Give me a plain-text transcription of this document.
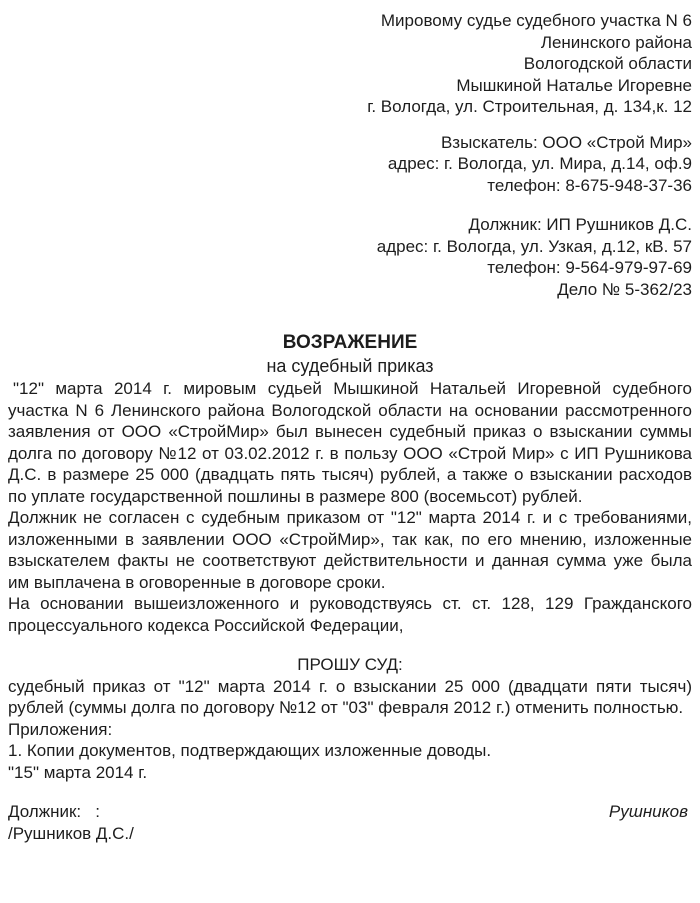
Мировому судье судебного участка N 6
Ленинского района
Вологодской области
Мышкиной Наталье Игоревне
г. Вологда, ул. Строительная, д. 134,к. 12
Взыскатель: ООО «Строй Мир»
адрес: г. Вологда, ул. Мира, д.14, оф.9
телефон: 8-675-948-37-36
Должник: ИП Рушников Д.С.
адрес: г. Вологда, ул. Узкая, д.12, кВ. 57
телефон: 9-564-979-97-69
Дело № 5-362/23
ВОЗРАЖЕНИЕ
на судебный приказ

"12" марта 2014 г. мировым судьей Мышкиной Натальей Игоревной судебного участка N 6 Ленинского района Вологодской области на основании рассмотренного заявления от ООО «СтройМир» был вынесен судебный приказ о взыскании суммы долга по договору №12 от 03.02.2012 г. в пользу ООО «Строй Мир» с ИП Рушникова Д.С. в размере 25 000 (двадцать пять тысяч) рублей, а также о взыскании расходов по уплате государственной пошлины в размере 800 (восемьсот) рублей.

Должник не согласен с судебным приказом от "12" марта 2014 г. и с требованиями, изложенными в заявлении ООО «СтройМир», так как, по его мнению, изложенные взыскателем факты не соответствуют действительности и данная сумма уже была им выплачена в оговоренные в договоре сроки.

На основании вышеизложенного и руководствуясь ст. ст. 128, 129 Гражданского процессуального кодекса Российской Федерации,

ПРОШУ СУД:

судебный приказ от "12" марта 2014 г. о взыскании 25 000 (двадцати пяти тысяч) рублей (суммы долга по договору №12 от "03" февраля 2012 г.) отменить полностью.

Приложения:

1. Копии документов, подтверждающих изложенные доводы.

"15" марта 2014 г.

Должник:   :	Рушников
/Рушников Д.С./
